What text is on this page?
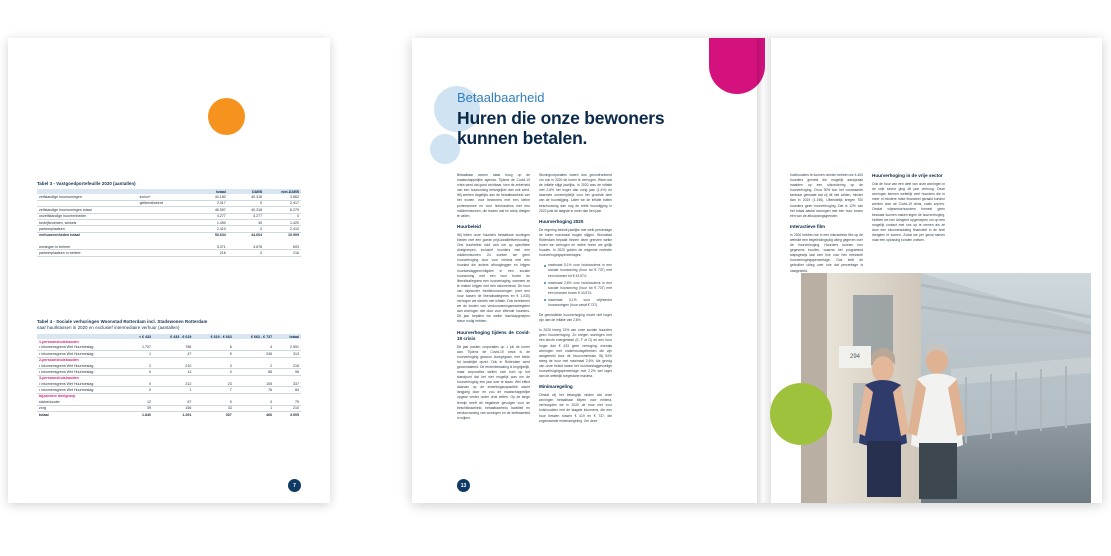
Tabel 3 - Vastgoedportefeuille 2020 (aantallen)
		totaal	DAEB	niet-DAEB
zelfstandige huurwoningen	inc/sv+	44.180	40.318	3.862
	geliberaliseerd	2.417	0	2.417
zelfstandige huurwoningen totaal		46.597	40.318	6.279
onzelfstandige huureenheden		4.277	4.277	0
bedrijfsruimten, winkels		1.450	30	1.420
parkeerplaatsen		2.410	0	2.410
verhuureenheden totaal		53.634	44.604	10.909

woningen in beheer		5.371	4.678	693
parkeerplaatsen in beheer		216	0	216
Tabel 4 - Sociale verhuringen Woonstad Rotterdam incl. Stadswonen Rotterdam
naar huurklassen in 2020 en exclusief intermediaire verhuur (aantallen)
	< € 433	€ 433 - € 619	€ 619 - € 663	€ 663 - € 737	totaal
1-persoonshuishouden					
• inkomensgrens Wet Huurtoeslag	1.707	786	6	4	2.591
• inkomensgrens Wet Huurtoeslag	1	47	9	246	313
2-persoonshuishouden					
• inkomensgrens Wet Huurtoeslag	2	210	3	2	216
• inkomensgrens Wet Huurtoeslag	0	11	0	85	96
3-persoonshuishouden					
• inkomensgrens Wet Huurtoeslag	0	212	23	105	337
• inkomensgrens Wet Huurtoeslag	0	1	7	76	84
bijzondere doelgroep					
statushouder	12	67	0	0	79
zorg	39	156	33	1	210
totaal	1.840	1.291	307	466	3.905
7
Betaalbaarheid
Huren die onze bewoners
kunnen betalen.

Betaalbaar wonen staat hoog op de maatschappelijke agenda. Tijdens de Covid-19 crisis werd dat goed zichtbaar, toen de zekerheid van een huurwoning belangrijker dan ooit werd. Wij werken dagelijks aan de betaalbaarheid van het wonen, voor bewoners met een kleine portemonnee en voor huishoudens met een middeninkomen, die tussen wal en schip dreigen te vallen.

Huurbeleid

Wij letten onze huurders betaalbare woningen bieden met een goede prijs-kwaliteitverhouding. Ons huurbeleid richt zich toe op specifieke doelgroepen, inclusief huurders met een middeninkomen. Zo zoeken we geen huurverhoging door voor minima met een huurlast die anders afhoogleggen en krijgen huurtoeslaggerechtigden in een sociale huurwoning met een huur boven de liberalisatiegrens een huurverlaging, wanneer ze te maken krijgen met een inkomensval. De huur van wijzworter bezitshuurwoningen (met een huur tussen de liberalisatiegrens en € 1.030) verhogen we slechts met inflatie. Ook berekenen we de kosten van verduurzamingsmaatregelen aan woningen niet door voor zittende huurders. Dit jaar bepalen we welke huurstapgroepen steun nodig hebben.

Huurverhoging tijdens de Covid-19 crisis

Dit jaar pasten corporaties op 1 juli de huren aan. Tijdens de Covid-19 crisis is de huurverhoging gewoon doorgegaan, met beide tot landelijke opzet. Ook in Rotterdam werd geconstateerd. De rentenbewaking is begrijpelijk, maar corporaties stellen zich toch op het standpunt dat het niet mogelijk was om de huurverhoging een jaar over te slaan. Wel effect daarvan op de inwerkingscapaciteit wacht langjarig door en zou de maatschappelijke opgave verder onder druk zetten. Op de lange termijn heeft dit negatieve gevolgen voor de beschikbaarheid, betaalbaarheid, kwaliteit en verduurzaming van woningen en de leefbaarheid in wijken.

Woningcorporaties waren dus geconfronteerd om ook in 2020 de huren te verhogen. Want ook de inflatie stijgt jaarlijks. In 2020 was de inflatie met 2,6% het hoger dan vorig jaar (1,4%) en daarmee onvermijdelijk voor het grootste deel van de huurstijging. Laten we de inflatie buiten beschouwing dan nog de reële huurstijging in 2022 juist de laagste in meer dan tien jaar.

Huurverhoging 2020

De regering besluit jaarlijks met welk percentage de huren maximaal mogen stijgen. Woonstad Rotterdam bepaalt binnen deze grenzen welke huren we verhogen en welke huren we gelijk houden. In 2020 golden de volgende restrictie huurverhogingspercentages:

maximaal 5,1% voor huishoudens in een sociale huurwoning (huur tot € 737) met een inkomen tot € 43.574;
maximaal 2,6% voor huishoudens in een sociale huurwoning (huur tot € 737) met een inkomen boven € 43.574;
maximaal 5,1% voor vrijesector huurwoningen (huur vanaf € 737).

De gemiddelde huurverhoging mocht niet hoger zijn dan de inflatie van 2,6%.

In 2020 kreeg 13% van onze sociale huurders geen huurverhoging. Zo kregen woningen met een slecht energielabel (E, F of G) en een huur hoger dan € 433 geen verhoging, evenals woningen met onderhoudsgebreken die zijn aangemeld door de Huurcommissie. Bij 54% steeg de huur met maximaal 2,6%. Als gevolg van onze beleid kwam het huurtoeslaggevoelige huurverhogingspercentage met 2,2% wel lager dan de wettelijk toegestane maxima.

Minimaregeling

Omdat wij het belangrijk vinden dat onze woningen betaalbaar blijven voor minima, verhoogden we in 2020 de huur niet voor huishoudens met de laagste inkomens, die een huur betalen tussen € 419 en € 737, die zogenaamde minimaregeling. Om deze

huishoudens te kunnen ontzien hebben we 4.403 huurders gemeld die mogelijk aanspraak maakten op een uitzondering op de huurverhoging. Circa 30% kon het voorwaarde kenbaar gemaakt dat zij dit niet wilden, minder dan in 2019 (1.196). Uiteindelijk kregen 700 huurders geen huurverhoging. Dat is 12% van het totaal aantal woningen met een huur boven één van de afkoopsingsgrenzen.

Interactieve film

In 2020 hebben we in een interactieve film op de website een begeleidingsplig uitleg gegeven over de huurverhoging. Huurders kunnen hun gegevens invullen, waarna het programma stapsgewijs laat zien hoe voor hen relevante huurverhogingspercentage. Ook leidt de gebruiker uitleg over hoe dat percentage is vastgesteld.

Huurverhoging in de vrije sector

Ook de huur van een deel van onze woningen in de vrije sector ging dit jaar omhoog. Deze woningen kennen wettelijk veel huurders die in meer of mindere mate financieel geraakt konden worden door de Covid-19 crisis, zoals zzp'ers. Omdat vrijesectorhuurders formeel geen bezwaar kunnen maken tegen de huurverhoging, hebben we hen dringend opgeroepen om op een mogelijk contact met ons op te nemen als ze door een inkomensdaling financieel in de knel dreigden te komen. Zodat we per geval samen naar een oplossing konden zoeken.

294
13
